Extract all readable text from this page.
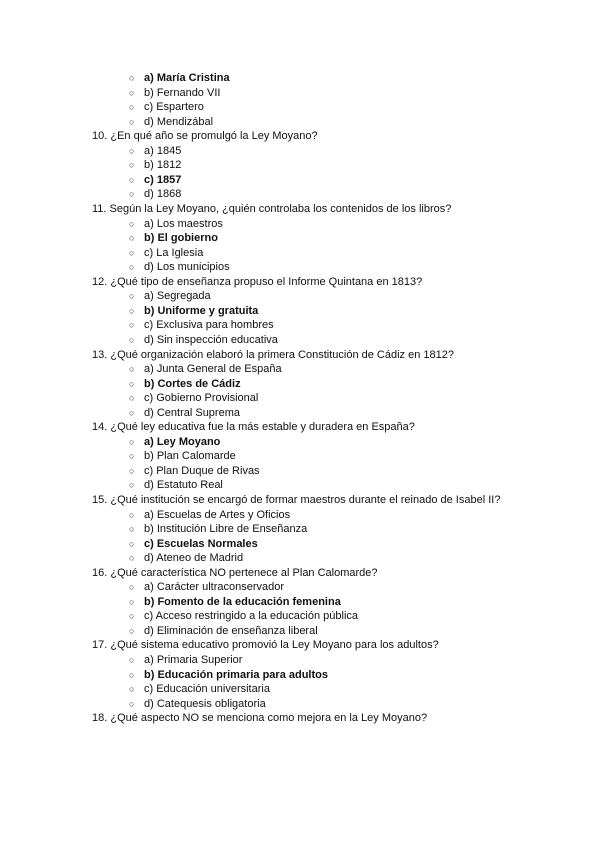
○ a) María Cristina
○ b) Fernando VII
○ c) Espartero
○ d) Mendizábal
10. ¿En qué año se promulgó la Ley Moyano?
○ a) 1845
○ b) 1812
○ c) 1857
○ d) 1868
11. Según la Ley Moyano, ¿quién controlaba los contenidos de los libros?
○ a) Los maestros
○ b) El gobierno
○ c) La Iglesia
○ d) Los municipios
12. ¿Qué tipo de enseñanza propuso el Informe Quintana en 1813?
○ a) Segregada
○ b) Uniforme y gratuita
○ c) Exclusiva para hombres
○ d) Sin inspección educativa
13. ¿Qué organización elaboró la primera Constitución de Cádiz en 1812?
○ a) Junta General de España
○ b) Cortes de Cádiz
○ c) Gobierno Provisional
○ d) Central Suprema
14. ¿Qué ley educativa fue la más estable y duradera en España?
○ a) Ley Moyano
○ b) Plan Calomarde
○ c) Plan Duque de Rivas
○ d) Estatuto Real
15. ¿Qué institución se encargó de formar maestros durante el reinado de Isabel II?
○ a) Escuelas de Artes y Oficios
○ b) Institución Libre de Enseñanza
○ c) Escuelas Normales
○ d) Ateneo de Madrid
16. ¿Qué característica NO pertenece al Plan Calomarde?
○ a) Carácter ultraconservador
○ b) Fomento de la educación femenina
○ c) Acceso restringido a la educación pública
○ d) Eliminación de enseñanza liberal
17. ¿Qué sistema educativo promovió la Ley Moyano para los adultos?
○ a) Primaria Superior
○ b) Educación primaria para adultos
○ c) Educación universitaria
○ d) Catequesis obligatoria
18. ¿Qué aspecto NO se menciona como mejora en la Ley Moyano?
